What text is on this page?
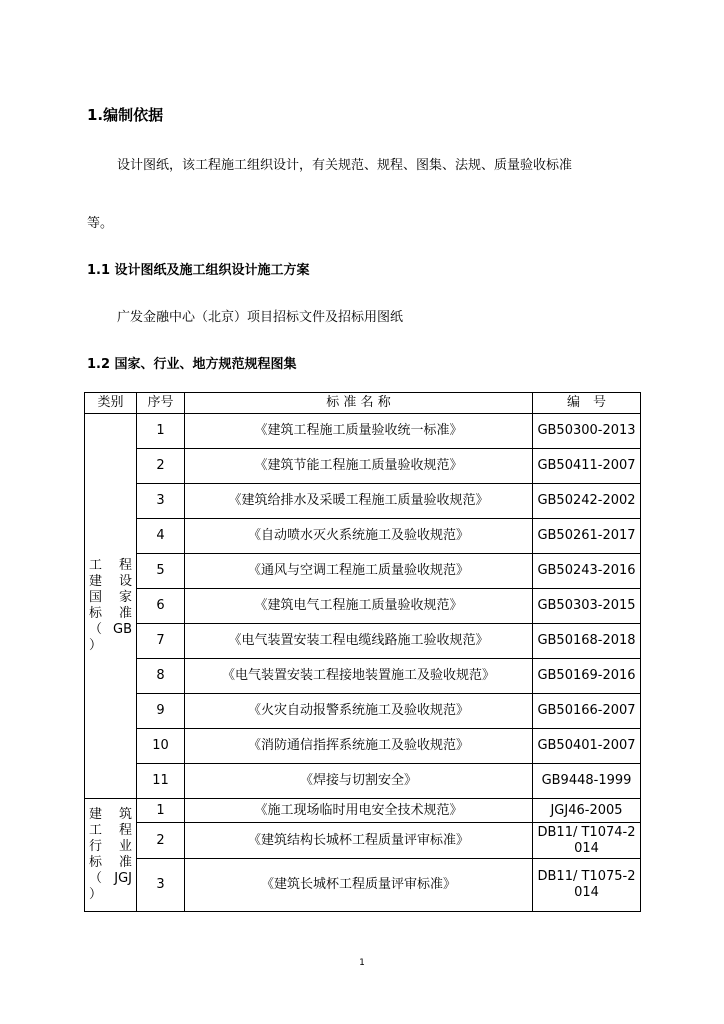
1.编制依据
设计图纸，该工程施工组织设计，有关规范、规程、图集、法规、质量验收标准
等。
1.1 设计图纸及施工组织设计施工方案
广发金融中心（北京）项目招标文件及招标用图纸
1.2 国家、行业、地方规范规程图集
类别	序号	标 准 名 称	编　号

工 程 建 设 国 家 标 准 （ GB ）	1	《建筑工程施工质量验收统一标准》	GB50300-2013
	2	《建筑节能工程施工质量验收规范》	GB50411-2007
	3	《建筑给排水及采暖工程施工质量验收规范》	GB50242-2002
	4	《自动喷水灭火系统施工及验收规范》	GB50261-2017
	5	《通风与空调工程施工质量验收规范》	GB50243-2016
	6	《建筑电气工程施工质量验收规范》	GB50303-2015
	7	《电气装置安装工程电缆线路施工验收规范》	GB50168-2018
	8	《电气装置安装工程接地装置施工及验收规范》	GB50169-2016
	9	《火灾自动报警系统施工及验收规范》	GB50166-2007
	10	《消防通信指挥系统施工及验收规范》	GB50401-2007
	11	《焊接与切割安全》	GB9448-1999

建 筑 工 程 行 业 标 准 （ JGJ ）	1	《施工现场临时用电安全技术规范》	JGJ46-2005
	2	《建筑结构长城杯工程质量评审标准》	DB11/ T1074-2014
	3	《建筑长城杯工程质量评审标准》	DB11/ T1075-2014
1
